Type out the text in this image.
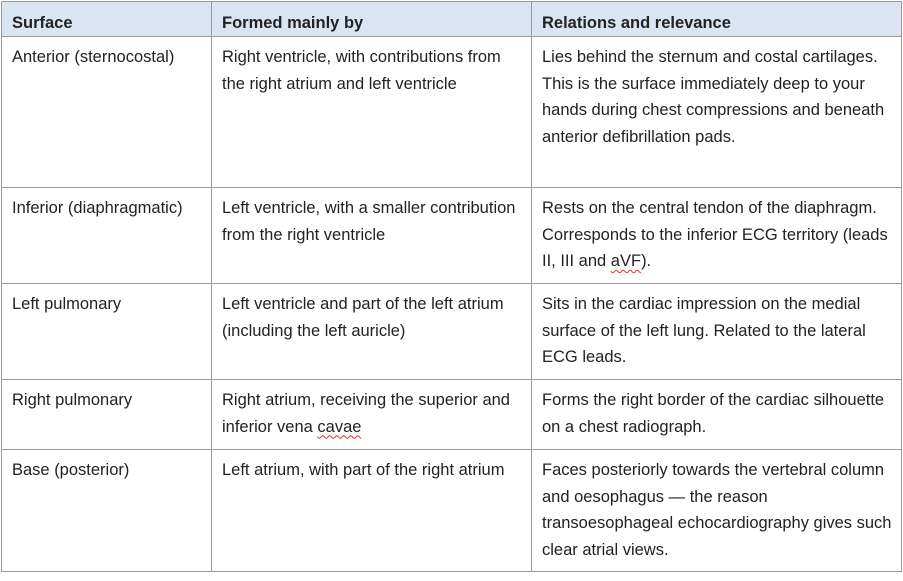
Surface	Formed mainly by	Relations and relevance
Anterior (sternocostal)	Right ventricle, with contributions from the right atrium and left ventricle	Lies behind the sternum and costal cartilages. This is the surface immediately deep to your hands during chest compressions and beneath anterior defibrillation pads.
Inferior (diaphragmatic)	Left ventricle, with a smaller contribution from the right ventricle	Rests on the central tendon of the diaphragm. Corresponds to the inferior ECG territory (leads II, III and aVF).
Left pulmonary	Left ventricle and part of the left atrium (including the left auricle)	Sits in the cardiac impression on the medial surface of the left lung. Related to the lateral ECG leads.
Right pulmonary	Right atrium, receiving the superior and inferior vena cavae	Forms the right border of the cardiac silhouette on a chest radiograph.
Base (posterior)	Left atrium, with part of the right atrium	Faces posteriorly towards the vertebral column and oesophagus — the reason transoesophageal echocardiography gives such clear atrial views.
